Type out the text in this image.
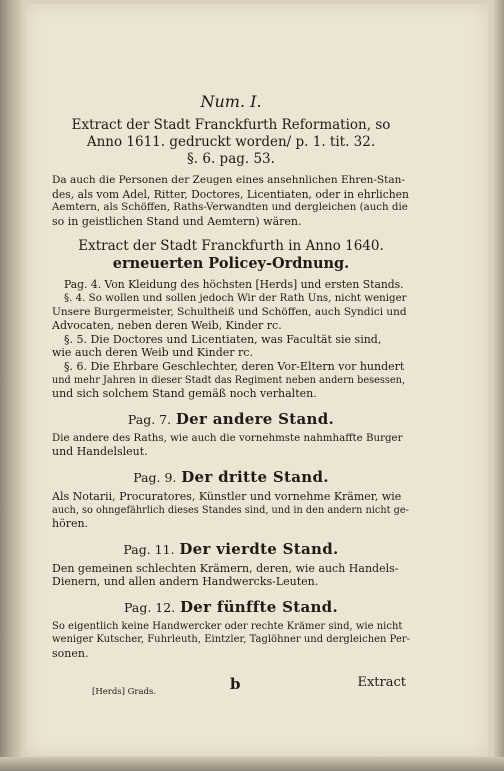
Num. I.
Extract der Stadt Franckfurth Reformation, so
Anno 1611. gedruckt worden/ p. 1. tit. 32.
§. 6. pag. 53.
Da auch die Personen der Zeugen eines ansehnlichen Ehren-Stan-
des, als vom Adel, Ritter, Doctores, Licentiaten, oder in ehrlichen
Aemtern, als Schöffen, Raths-Verwandten und dergleichen (auch die
so in geistlichen Stand und Aemtern) wären.
Extract der Stadt Franckfurth in Anno 1640.
erneuerten Policey-Ordnung.
Pag. 4. Von Kleidung des höchsten [Herds] und ersten Stands.
§. 4. So wollen und sollen jedoch Wir der Rath Uns, nicht weniger
Unsere Burgermeister, Schultheiß und Schöffen, auch Syndici und
Advocaten, neben deren Weib, Kinder rc.
§. 5. Die Doctores und Licentiaten, was Facultät sie sind,
wie auch deren Weib und Kinder rc.
§. 6. Die Ehrbare Geschlechter, deren Vor-Eltern vor hundert
und mehr Jahren in dieser Stadt das Regiment neben andern besessen,
und sich solchem Stand gemäß noch verhalten.
Pag. 7. Der andere Stand.
Die andere des Raths, wie auch die vornehmste nahmhaffte Burger
und Handelsleut.
Pag. 9. Der dritte Stand.
Als Notarii, Procuratores, Künstler und vornehme Krämer, wie
auch, so ohngefährlich dieses Standes sind, und in den andern nicht ge-
hören.
Pag. 11. Der vierdte Stand.
Den gemeinen schlechten Krämern, deren, wie auch Handels-
Dienern, und allen andern Handwercks-Leuten.
Pag. 12. Der fünffte Stand.
So eigentlich keine Handwercker oder rechte Krämer sind, wie nicht
weniger Kutscher, Fuhrleuth, Eintzler, Taglöhner und dergleichen Per-
sonen.
[Herds] Grads.	b	Extract
